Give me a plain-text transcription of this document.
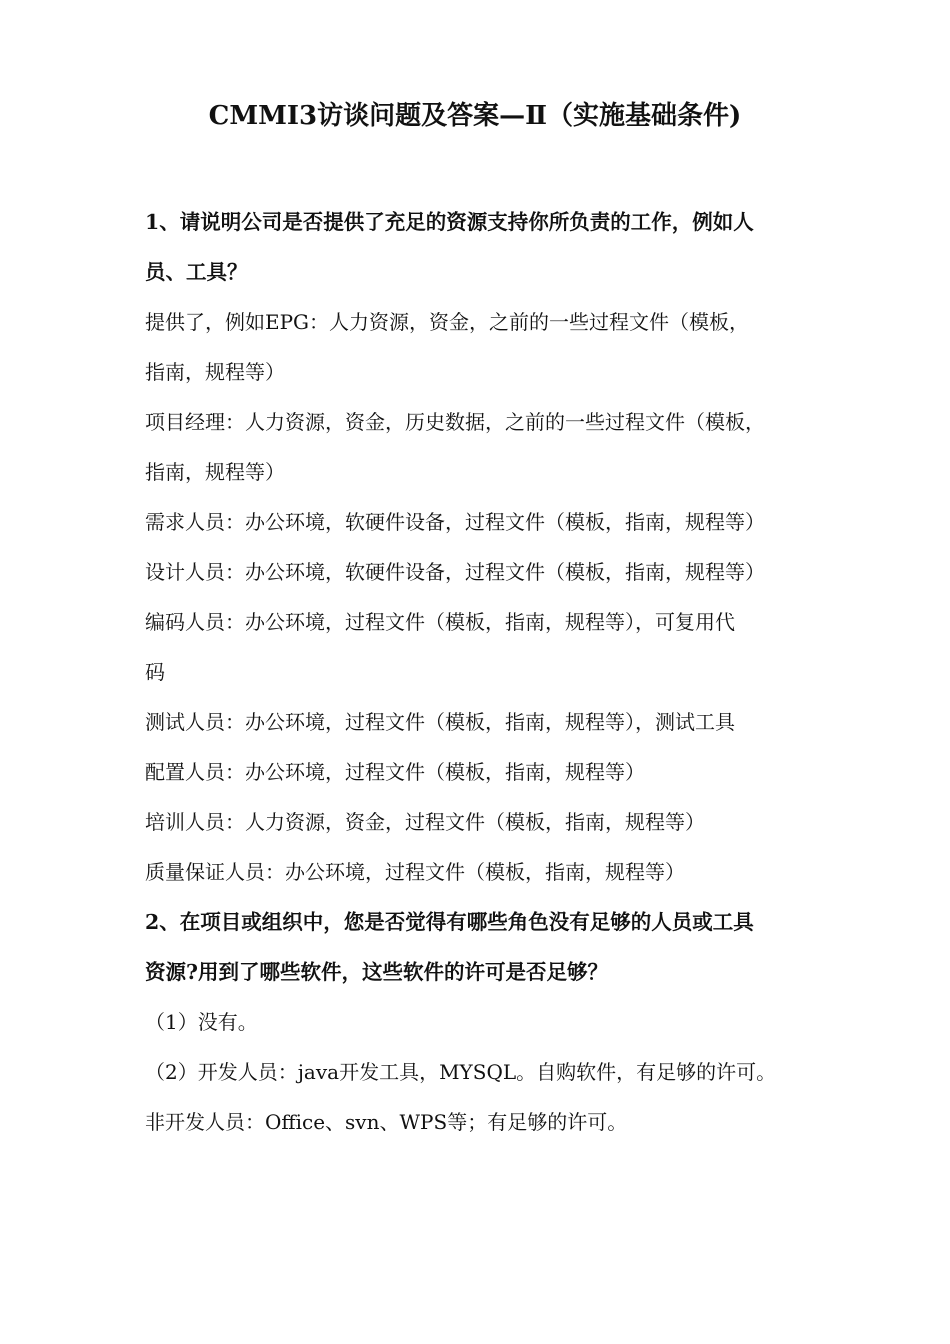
CMMI3访谈问题及答案—Ⅱ（实施基础条件)
1、请说明公司是否提供了充足的资源支持你所负责的工作，例如人
员、工具？
提供了，例如EPG：人力资源，资金，之前的一些过程文件（模板，
指南，规程等）
项目经理：人力资源，资金，历史数据，之前的一些过程文件（模板，
指南，规程等）
需求人员：办公环境，软硬件设备，过程文件（模板，指南，规程等）
设计人员：办公环境，软硬件设备，过程文件（模板，指南，规程等）
编码人员：办公环境，过程文件（模板，指南，规程等），可复用代
码
测试人员：办公环境，过程文件（模板，指南，规程等），测试工具
配置人员：办公环境，过程文件（模板，指南，规程等）
培训人员：人力资源，资金，过程文件（模板，指南，规程等）
质量保证人员：办公环境，过程文件（模板，指南，规程等）
2、在项目或组织中，您是否觉得有哪些角色没有足够的人员或工具
资源?用到了哪些软件，这些软件的许可是否足够？
（1）没有。
（2）开发人员：java开发工具，MYSQL。自购软件，有足够的许可。
非开发人员：Office、svn、WPS等；有足够的许可。
